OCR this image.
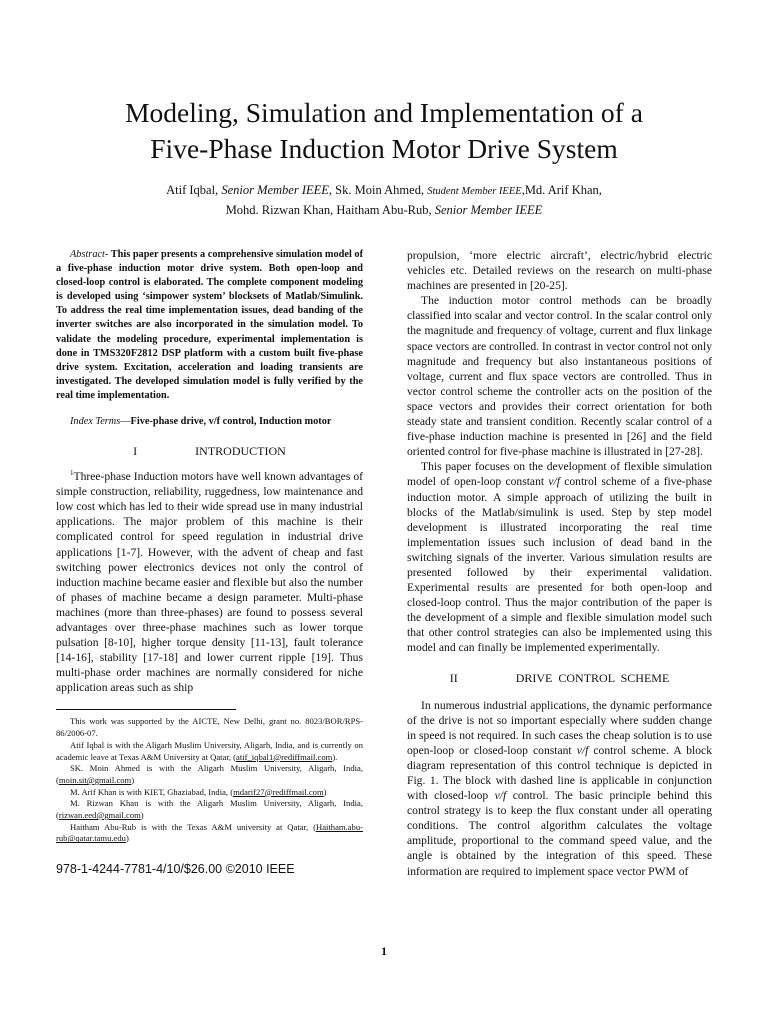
Modeling, Simulation and Implementation of a
Five-Phase Induction Motor Drive System
Atif Iqbal, Senior Member IEEE, Sk. Moin Ahmed, Student Member IEEE,Md. Arif Khan,
Mohd. Rizwan Khan, Haitham Abu-Rub, Senior Member IEEE

Abstract- This paper presents a comprehensive simulation model of a five-phase induction motor drive system. Both open-loop and closed-loop control is elaborated. The complete component modeling is developed using ‘simpower system’ blocksets of Matlab/Simulink. To address the real time implementation issues, dead banding of the inverter switches are also incorporated in the simulation model. To validate the modeling procedure, experimental implementation is done in TMS320F2812 DSP platform with a custom built five-phase drive system. Excitation, acceleration and loading transients are investigated. The developed simulation model is fully verified by the real time implementation.

Index Terms—Five-phase drive, v/f control, Induction motor

I	INTRODUCTION

$^1$Three-phase Induction motors have well known advantages of simple construction, reliability, ruggedness, low maintenance and low cost which has led to their wide spread use in many industrial applications. The major problem of this machine is their complicated control for speed regulation in industrial drive applications [1-7]. However, with the advent of cheap and fast switching power electronics devices not only the control of induction machine became easier and flexible but also the number of phases of machine became a design parameter. Multi-phase machines (more than three-phases) are found to possess several advantages over three-phase machines such as lower torque pulsation [8-10], higher torque density [11-13], fault tolerance [14-16], stability [17-18] and lower current ripple [19]. Thus multi-phase order machines are normally considered for niche application areas such as ship

This work was supported by the AICTE, New Delhi, grant no. 8023/BOR/RPS-86/2006-07.

Atif Iqbal is with the Aligarh Muslim University, Aligarh, India, and is currently on academic leave at Texas A&M University at Qatar, (atif_iqbal1@rediffmail.com).

SK. Moin Ahmed is with the Aligarh Muslim University, Aligarh, India, (moin.sit@gmail.com)

M. Arif Khan is with KIET, Ghaziabad, India, (mdarif27@rediffmail.com)

M. Rizwan Khan is with the Aligarh Muslim University, Aligarh, India, (rizwan.eed@gmail.com)

Haitham Abu-Rub is with the Texas A&M university at Qatar, (Haitham.abu-rub@qatar.tamu.edu)

978-1-4244-7781-4/10/$26.00 ©2010 IEEE

propulsion, ‘more electric aircraft’, electric/hybrid electric vehicles etc. Detailed reviews on the research on multi-phase machines are presented in [20-25].

The induction motor control methods can be broadly classified into scalar and vector control. In the scalar control only the magnitude and frequency of voltage, current and flux linkage space vectors are controlled. In contrast in vector control not only magnitude and frequency but also instantaneous positions of voltage, current and flux space vectors are controlled. Thus in vector control scheme the controller acts on the position of the space vectors and provides their correct orientation for both steady state and transient condition. Recently scalar control of a five-phase induction machine is presented in [26] and the field oriented control for five-phase machine is illustrated in [27-28].

This paper focuses on the development of flexible simulation model of open-loop constant v/f control scheme of a five-phase induction motor. A simple approach of utilizing the built in blocks of the Matlab/simulink is used. Step by step model development is illustrated incorporating the real time implementation issues such inclusion of dead band in the switching signals of the inverter. Various simulation results are presented followed by their experimental validation. Experimental results are presented for both open-loop and closed-loop control. Thus the major contribution of the paper is the development of a simple and flexible simulation model such that other control strategies can also be implemented using this model and can finally be implemented experimentally.

II	DRIVE CONTROL SCHEME

In numerous industrial applications, the dynamic performance of the drive is not so important especially where sudden change in speed is not required. In such cases the cheap solution is to use open-loop or closed-loop constant v/f control scheme. A block diagram representation of this control technique is depicted in Fig. 1. The block with dashed line is applicable in conjunction with closed-loop v/f control. The basic principle behind this control strategy is to keep the flux constant under all operating conditions. The control algorithm calculates the voltage amplitude, proportional to the command speed value, and the angle is obtained by the integration of this speed. These information are required to implement space vector PWM of

1
